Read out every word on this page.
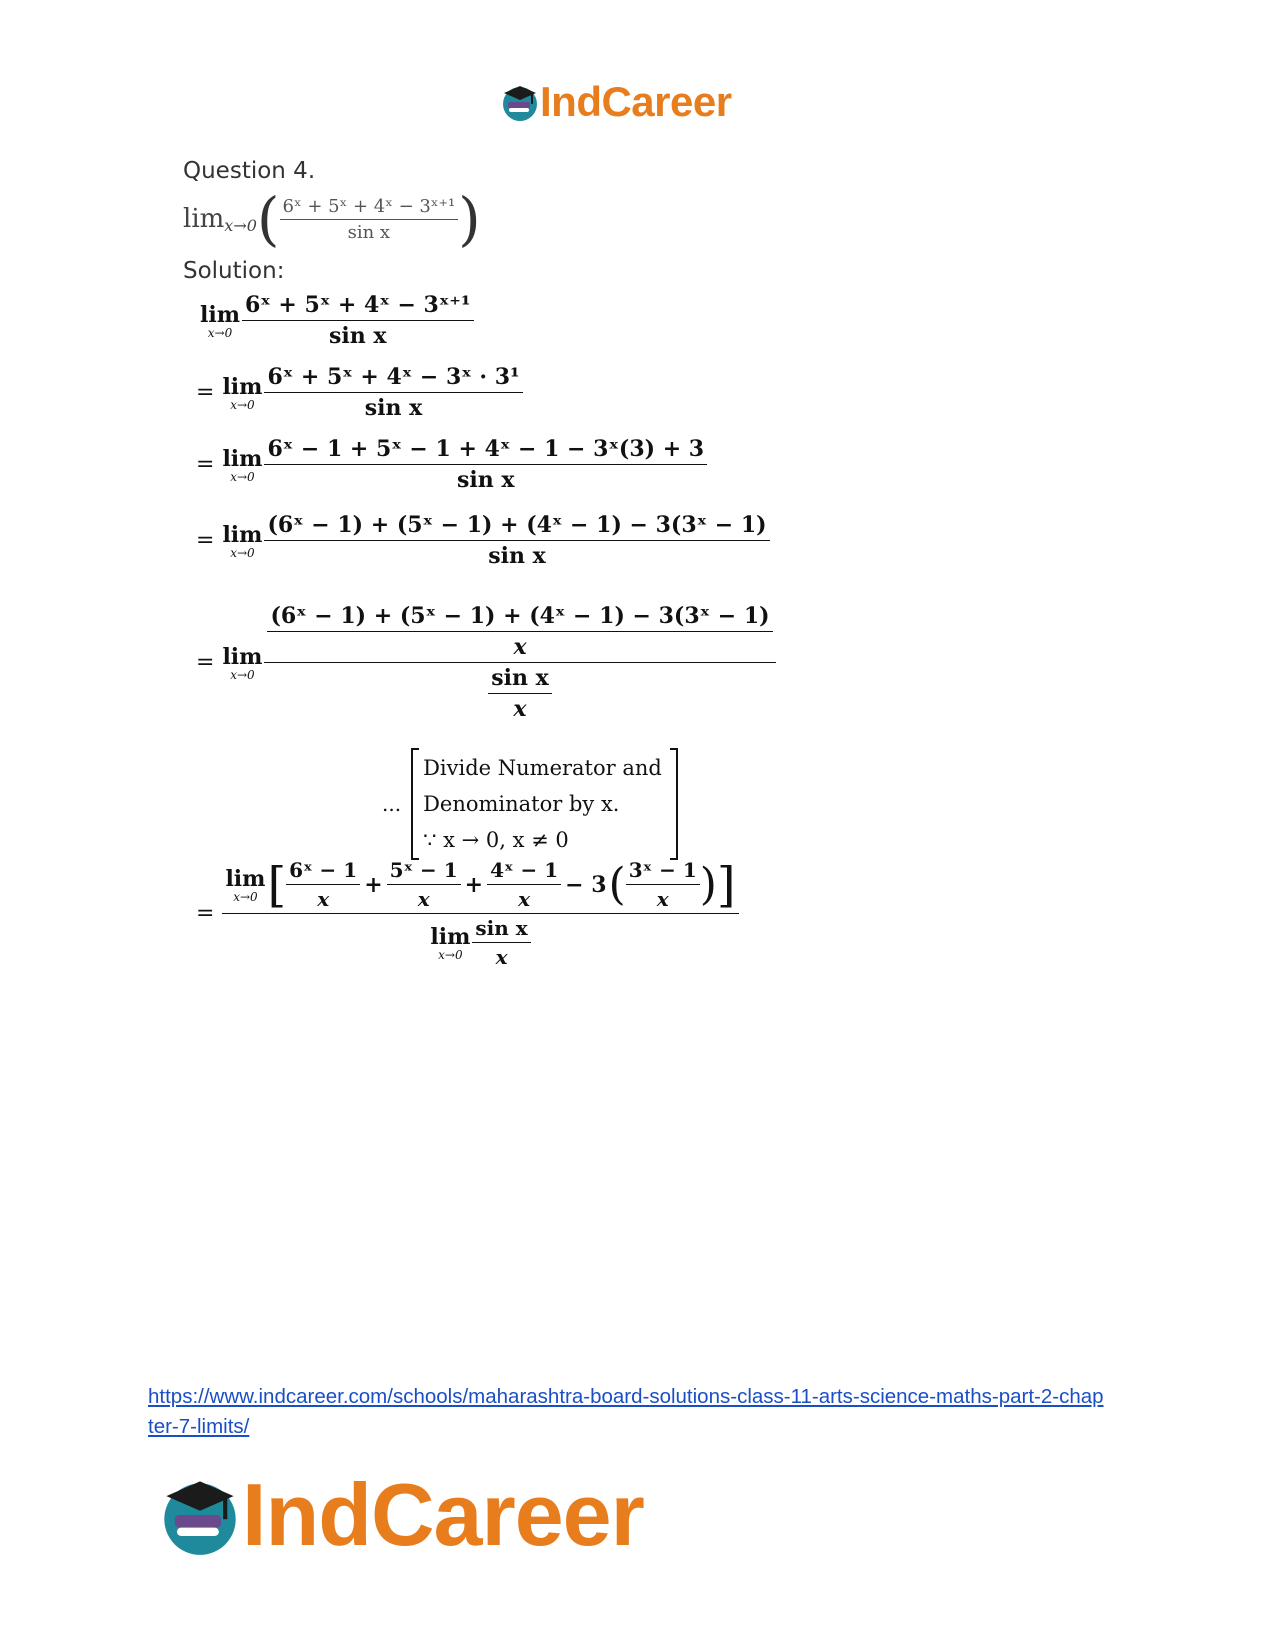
IndCareer
Question 4.
lim x→0 ( $\frac{\text{6ˣ + 5ˣ + 4ˣ − 3ˣ⁺¹}}{\text{sin x}}$ )
Solution:
lim
$x\to 0 \frac{\text{6ˣ + 5ˣ + 4ˣ − 3ˣ⁺¹}}{\text{sin x}}$
= lim
$x\to 0 \frac{\text{6ˣ + 5ˣ + 4ˣ − 3ˣ · 3¹}}{\text{sin x}}$
= lim
$x\to 0 \frac{\text{6ˣ − 1 + 5ˣ − 1 + 4ˣ − 1 − 3ˣ(3) + 3}}{\text{sin x}}$
= lim
$x\to 0 \frac{\text{(6ˣ − 1) + (5ˣ − 1) + (4ˣ − 1) − 3(3ˣ − 1)}}{\text{sin x}}$
= lim
$x\to 0 \frac{\frac{\text{(6ˣ − 1) + (5ˣ − 1) + (4ˣ − 1) − 3(3ˣ − 1)}}{x}}{\frac{\text{sin x}}{x}}$
...
Divide Numerator and
Denominator by x.
∵ x → 0, x ≠ 0
=
lim
x→0 [ $\frac{\text{6ˣ − 1}}{x} + \frac{\text{5ˣ − 1}}{x} + \frac{\text{4ˣ − 1}}{x} - 3$ ( $\frac{\text{3ˣ − 1}}{x}$ ) ]
lim
$x\to 0 \frac{\text{sin x}}{x}$
https://www.indcareer.com/schools/maharashtra-board-solutions-class-11-arts-science-maths-part-2-chapter-7-limits/
IndCareer
